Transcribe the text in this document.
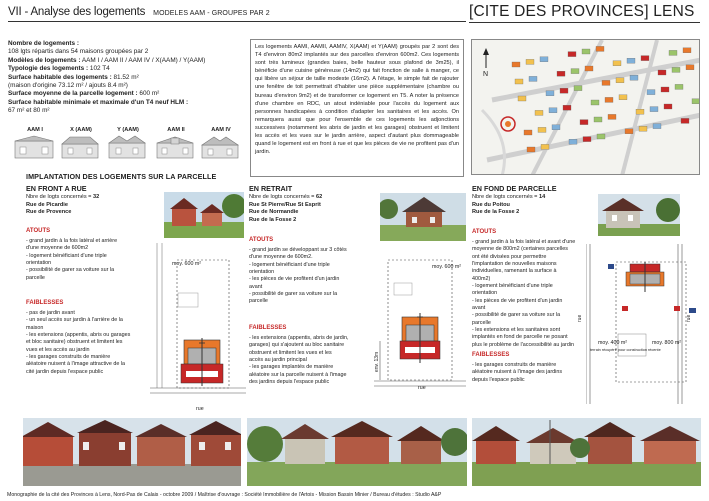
VII - Analyse des logements MODELES AAM - GROUPES PAR 2	[CITE DES PROVINCES] LENS
Nombre de logements :
108 lgts répartis dans 54 maisons groupées par 2
Modèles de logements : AAM I / AAM II / AAM IV / X(AAM) / Y(AAM)
Typologie des logements : 102 T4
Surface habitable des logements : 81.52 m²
(maison d'origine 73.12 m² / ajouts 8.4 m²)
Surface moyenne de la parcelle logement : 600 m²
Surface habitable minimale et maximale d'un T4 neuf HLM :
67 m² et 80 m²
AAM I	X (AAM)	Y (AAM)	AAM II	AAM IV
Les logements AAMI, AAMII, AAMIV, X(AAM) et Y(AAM) groupés par 2 sont des T4 d'environ 80m2 implantés sur des parcelles d'environ 600m2. Ces logements sont très lumineux (grandes baies, belle hauteur sous plafond de 3m25), il bénéficie d'une cuisine généreuse (14m2) qui fait fonction de salle à manger, ce qui libère un séjour de taille modeste (16m2). A l'étage, le simple fait de rajouter une fenêtre de toit permettrait d'habiter une pièce supplémentaire (chambre ou bureau d'environ 9m2) et de transformer ce logement en T5. A noter la présence d'une chambre en RDC, un atout indéniable pour l'accès du logement aux personnes handicapées à condition d'adapter les sanitaires et les accès. On remarquera aussi que pour l'ensemble de ces logements les adjonctions successives (notamment les abris de jardin et les garages) obstruent et limitent les accès et les vues sur le jardin arrière, aspect d'autant plus dommageable quand le logement est en front à rue et que les pièces de vie ne profitent pas d'un jardin.
N
IMPLANTATION DES LOGEMENTS SUR LA PARCELLE
EN FRONT A RUE
Nbre de logts concernés = 32
Rue de Picardie
Rue de Provence
ATOUTS
- grand jardin à la fois latéral et arrière
d'une moyenne de 600m2
- logement bénéficiant d'une triple
orientation
- possibilité de garer sa voiture sur la
parcelle
FAIBLESSES
- pas de jardin avant
- un seul accès sur jardin à l'arrière de la
maison
- les extensions (appentis, abris ou garages
et bloc sanitaire) obstruent et limitent les
vues et les accès au jardin
- les garages construits de manière
aléatoire nuisent à l'image attractive de la
cité jardin depuis l'espace public
moy. 600 m²
rue
EN RETRAIT
Nbre de logts concernés = 62
Rue St Pierre/Rue St Esprit
Rue de Normandie
Rue de la Fosse 2
ATOUTS
- grand jardin se développant sur 3 côtés
d'une moyenne de 600m2.
- logement bénéficiant d'une triple
orientation
- les pièces de vie profitent d'un jardin
avant
- possibilité de garer sa voiture sur la
parcelle
FAIBLESSES
- les extensions (appentis, abris de jardin,
garages) qui s'ajoutent au bloc sanitaire
obstruent et limitent les vues et les
accès au jardin principal
- les garages implantés de manière
aléatoire sur la parcelle nuisent à l'image
des jardins depuis l'espace public
env. 13m
moy. 600 m²
rue
EN FOND DE PARCELLE
Nbre de logts concernés = 14
Rue du Poitou
Rue de la Fosse 2
ATOUTS
- grand jardin à la fois latéral et avant d'une
moyenne de 800m2 (certaines parcelles
ont été divisées pour permettre
l'implantation de nouvelles maisons
individuelles, ramenant la surface à
400m2)
- logement bénéficiant d'une triple
orientation
- les pièces de vie profitent d'un jardin
avant
- possibilité de garer sa voiture sur la
parcelle
- les extensions et les sanitaires sont
implantés en fond de parcelle ne posant
plus le problème de l'accessibilité au jardin
FAIBLESSES
- les garages construits de manière
aléatoire nuisent à l'image des jardins
depuis l'espace public
moy. 400 m²
terrain récupéré pour construction récente
moy. 800 m²
rue	rue
Monographie de la cité des Provinces à Lens, Nord-Pas de Calais - octobre 2009 / Maîtrise d'ouvrage : Société Immobilière de l'Artois - Mission Bassin Minier / Bureau d'études : Studio A&P
